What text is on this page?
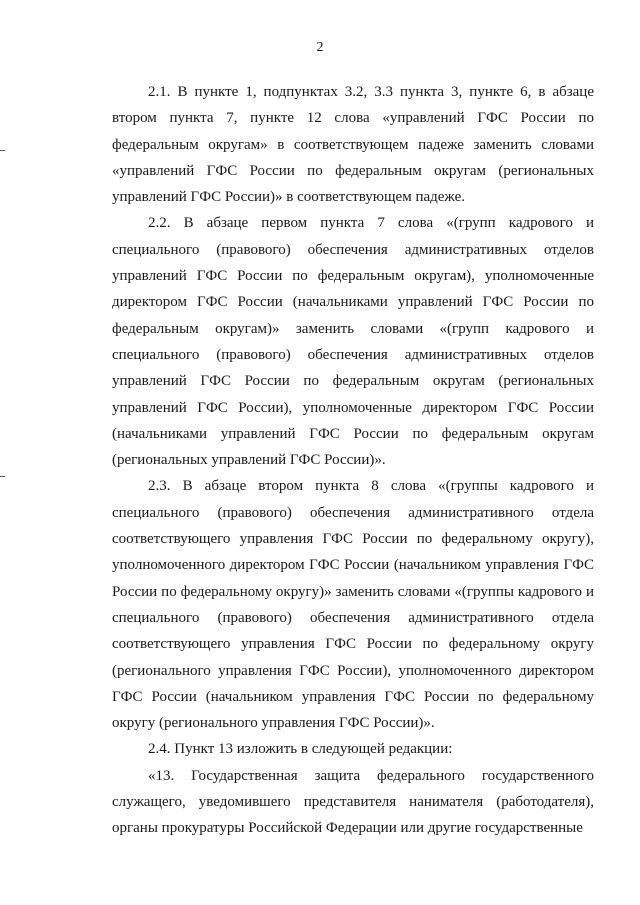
2

2.1. В пункте 1, подпунктах 3.2, 3.3 пункта 3, пункте 6, в абзаце втором пункта 7, пункте 12 слова «управлений ГФС России по федеральным округам» в соответствующем падеже заменить словами «управлений ГФС России по федеральным округам (региональных управлений ГФС России)» в соответствующем падеже.

2.2. В абзаце первом пункта 7 слова «(групп кадрового и специального (правового) обеспечения административных отделов управлений ГФС России по федеральным округам), уполномоченные директором ГФС России (начальниками управлений ГФС России по федеральным округам)» заменить словами «(групп кадрового и специального (правового) обеспечения административных отделов управлений ГФС России по федеральным округам (региональных управлений ГФС России), уполномоченные директором ГФС России (начальниками управлений ГФС России по федеральным округам (региональных управлений ГФС России)».

2.3. В абзаце втором пункта 8 слова «(группы кадрового и специального (правового) обеспечения административного отдела соответствующего управления ГФС России по федеральному округу), уполномоченного директором ГФС России (начальником управления ГФС России по федеральному округу)» заменить словами «(группы кадрового и специального (правового) обеспечения административного отдела соответствующего управления ГФС России по федеральному округу (регионального управления ГФС России), уполномоченного директором ГФС России (начальником управления ГФС России по федеральному округу (регионального управления ГФС России)».

2.4. Пункт 13 изложить в следующей редакции:

«13. Государственная защита федерального государственного служащего, уведомившего представителя нанимателя (работодателя), органы прокуратуры Российской Федерации или другие государственные
